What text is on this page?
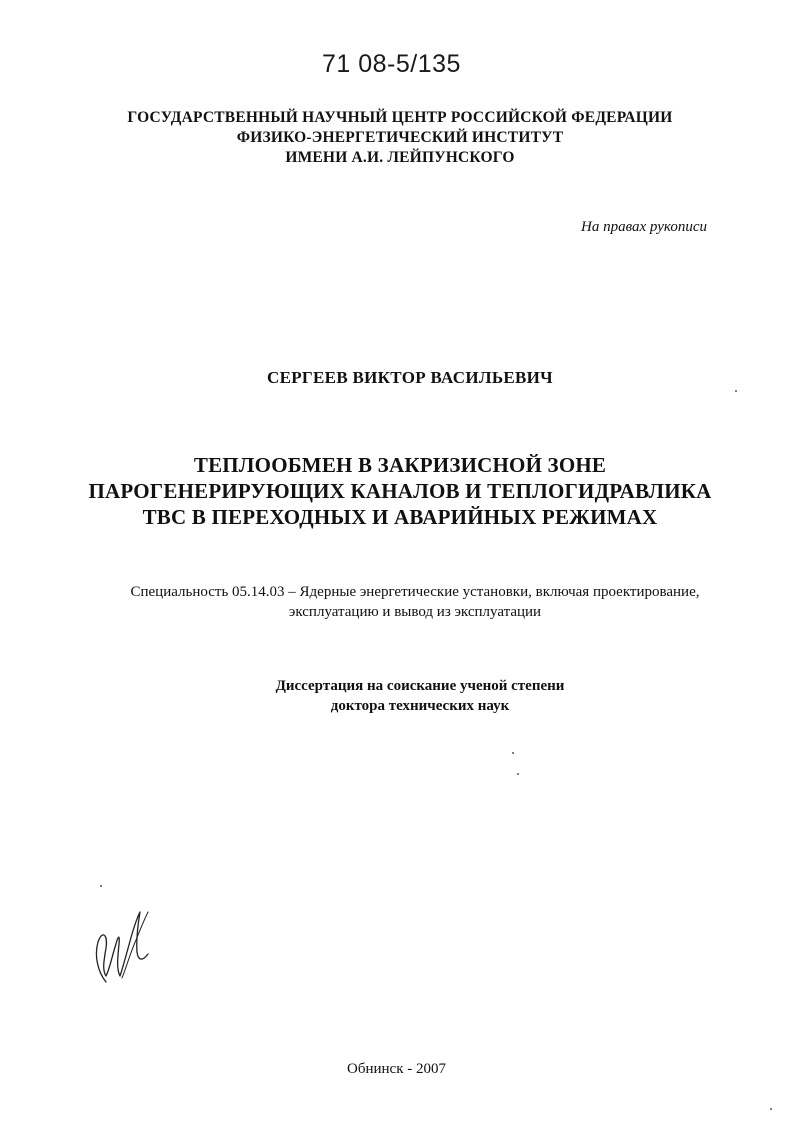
71 08-5/135
ГОСУДАРСТВЕННЫЙ НАУЧНЫЙ ЦЕНТР РОССИЙСКОЙ ФЕДЕРАЦИИ
ФИЗИКО-ЭНЕРГЕТИЧЕСКИЙ ИНСТИТУТ
ИМЕНИ А.И. ЛЕЙПУНСКОГО
На правах рукописи
СЕРГЕЕВ ВИКТОР ВАСИЛЬЕВИЧ
ТЕПЛООБМЕН В ЗАКРИЗИСНОЙ ЗОНЕ
ПАРОГЕНЕРИРУЮЩИХ КАНАЛОВ И ТЕПЛОГИДРАВЛИКА
ТВС В ПЕРЕХОДНЫХ И АВАРИЙНЫХ РЕЖИМАХ
Специальность 05.14.03 – Ядерные энергетические установки, включая проектирование,
эксплуатацию и вывод из эксплуатации
Диссертация на соискание ученой степени
доктора технических наук
Обнинск - 2007
